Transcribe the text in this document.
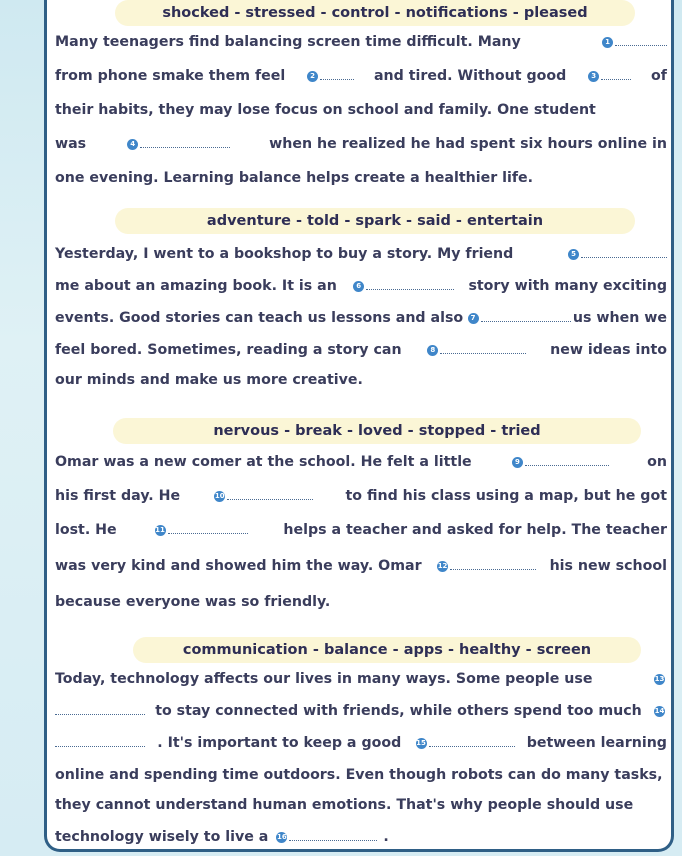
shocked - stressed - control - notifications - pleased
Many teenagers find balancing screen time difficult. Many	1
from phone smake them feel	2	and tired. Without good	3	of
their habits, they may lose focus on school and family. One student
was	4	when he realized he had spent six hours online in
one evening. Learning balance helps create a healthier life.
adventure - told - spark - said - entertain
Yesterday, I went to a bookshop to buy a story. My friend	5
me about an amazing book. It is an	6	story with many exciting
events. Good stories can teach us lessons and also	7	us when we
feel bored. Sometimes, reading a story can	8	new ideas into
our minds and make us more creative.
nervous - break - loved - stopped - tried
Omar was a new comer at the school. He felt a little	9	on
his first day. He	10	to find his class using a map, but he got
lost. He	11	helps a teacher and asked for help. The teacher
was very kind and showed him the way. Omar	12	his new school
because everyone was so friendly.
communication - balance - apps - healthy - screen
Today, technology affects our lives in many ways. Some people use	13
to stay connected with friends, while others spend too much	14
. It's important to keep a good	15	between learning
online and spending time outdoors. Even though robots can do many tasks,
they cannot understand human emotions. That's why people should use
technology wisely to live a	16	.
